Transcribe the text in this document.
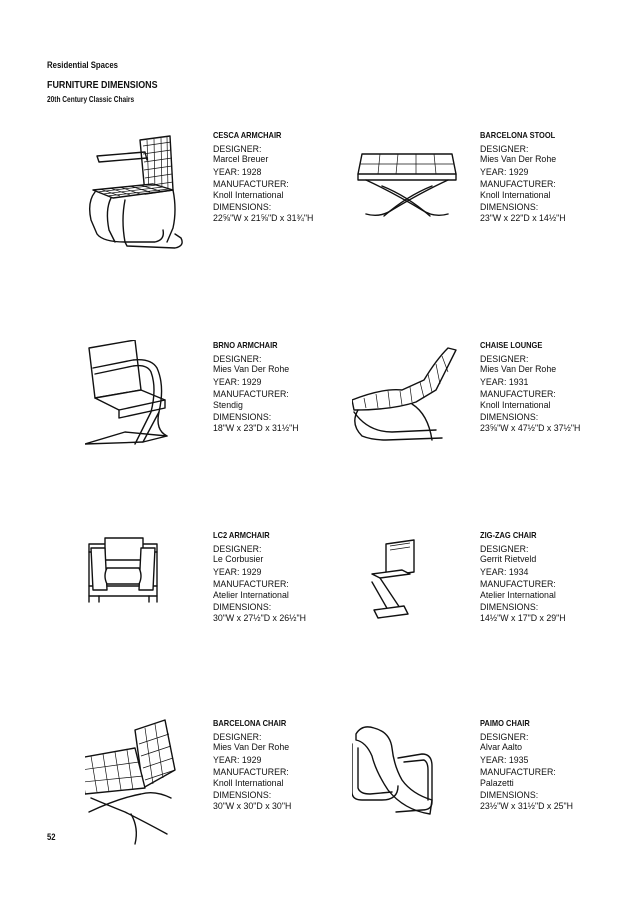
Residential Spaces
FURNITURE DIMENSIONS
20th Century Classic Chairs
CESCA ARMCHAIR
DESIGNER:
Marcel Breuer
YEAR: 1928
MANUFACTURER:
Knoll International
DIMENSIONS:
22⅝"W x 21⅝"D x 31¾"H
BARCELONA STOOL
DESIGNER:
Mies Van Der Rohe
YEAR: 1929
MANUFACTURER:
Knoll International
DIMENSIONS:
23"W x 22"D x 14½"H
BRNO ARMCHAIR
DESIGNER:
Mies Van Der Rohe
YEAR: 1929
MANUFACTURER:
Stendig
DIMENSIONS:
18"W x 23"D x 31½"H
CHAISE LOUNGE
DESIGNER:
Mies Van Der Rohe
YEAR: 1931
MANUFACTURER:
Knoll International
DIMENSIONS:
23⅝"W x 47½"D x 37½"H
LC2 ARMCHAIR
DESIGNER:
Le Corbusier
YEAR: 1929
MANUFACTURER:
Atelier International
DIMENSIONS:
30"W x 27½"D x 26½"H
ZIG-ZAG CHAIR
DESIGNER:
Gerrit Rietveld
YEAR: 1934
MANUFACTURER:
Atelier International
DIMENSIONS:
14½"W x 17"D x 29"H
BARCELONA CHAIR
DESIGNER:
Mies Van Der Rohe
YEAR: 1929
MANUFACTURER:
Knoll International
DIMENSIONS:
30"W x 30"D x 30"H
PAIMO CHAIR
DESIGNER:
Alvar Aalto
YEAR: 1935
MANUFACTURER:
Palazetti
DIMENSIONS:
23½"W x 31½"D x 25"H
52
